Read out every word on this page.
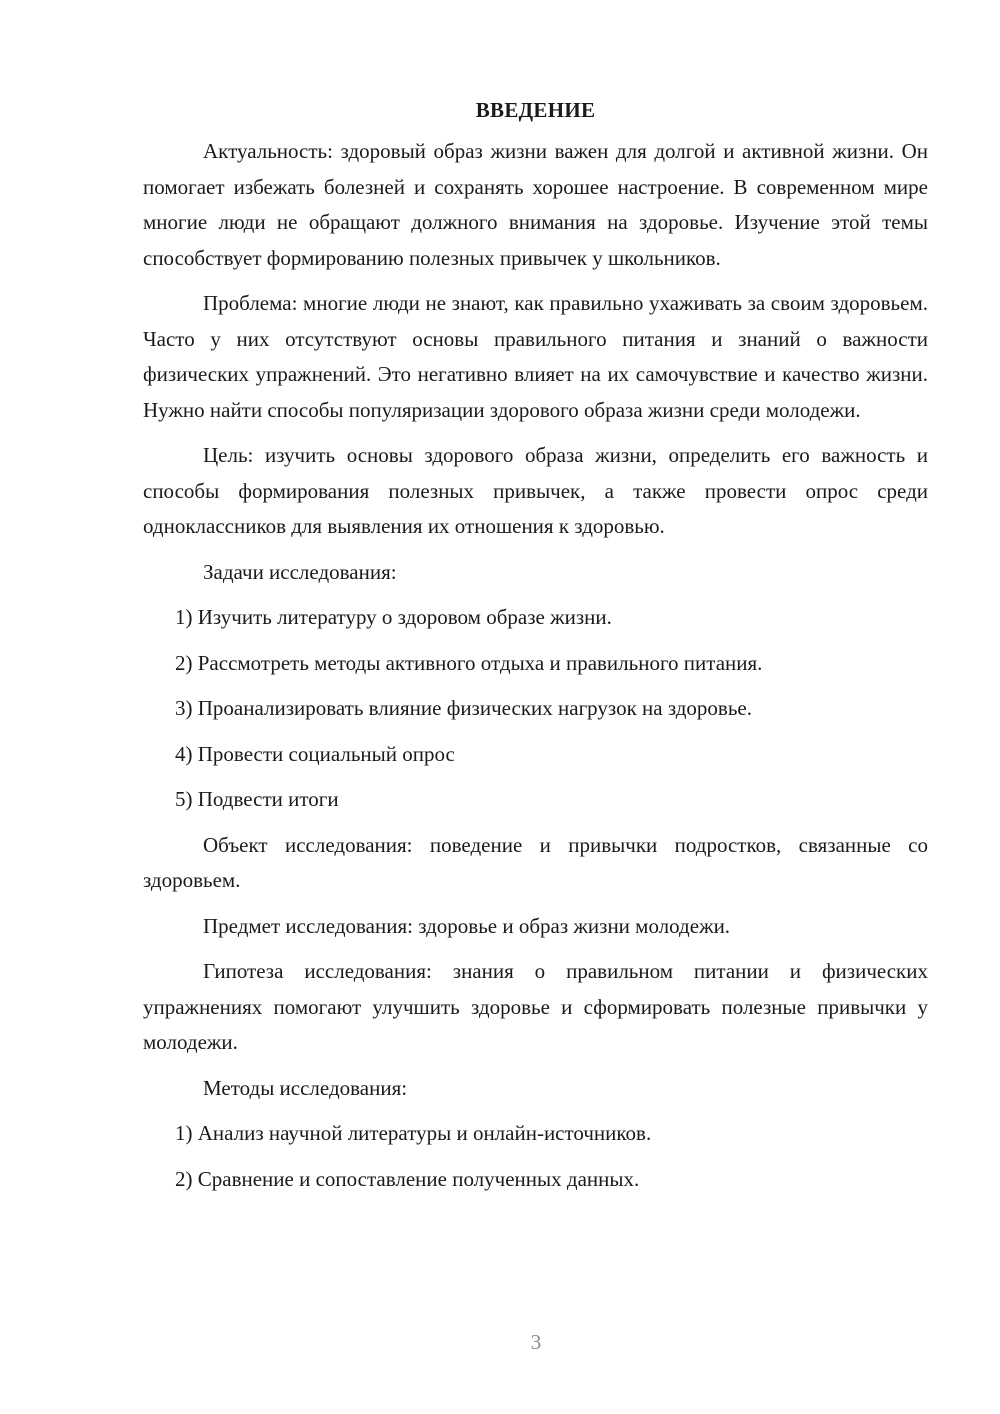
ВВЕДЕНИЕ

Актуальность: здоровый образ жизни важен для долгой и активной жизни. Он помогает избежать болезней и сохранять хорошее настроение. В современном мире многие люди не обращают должного внимания на здоровье. Изучение этой темы способствует формированию полезных привычек у школьников.

Проблема: многие люди не знают, как правильно ухаживать за своим здоровьем. Часто у них отсутствуют основы правильного питания и знаний о важности физических упражнений. Это негативно влияет на их самочувствие и качество жизни. Нужно найти способы популяризации здорового образа жизни среди молодежи.

Цель: изучить основы здорового образа жизни, определить его важность и способы формирования полезных привычек, а также провести опрос среди одноклассников для выявления их отношения к здоровью.

Задачи исследования:
1) Изучить литературу о здоровом образе жизни.
2) Рассмотреть методы активного отдыха и правильного питания.
3) Проанализировать влияние физических нагрузок на здоровье.
4) Провести социальный опрос
5) Подвести итоги

Объект исследования: поведение и привычки подростков, связанные со здоровьем.

Предмет исследования: здоровье и образ жизни молодежи.

Гипотеза исследования: знания о правильном питании и физических упражнениях помогают улучшить здоровье и сформировать полезные привычки у молодежи.

Методы исследования:
1) Анализ научной литературы и онлайн-источников.
2) Сравнение и сопоставление полученных данных.
3
